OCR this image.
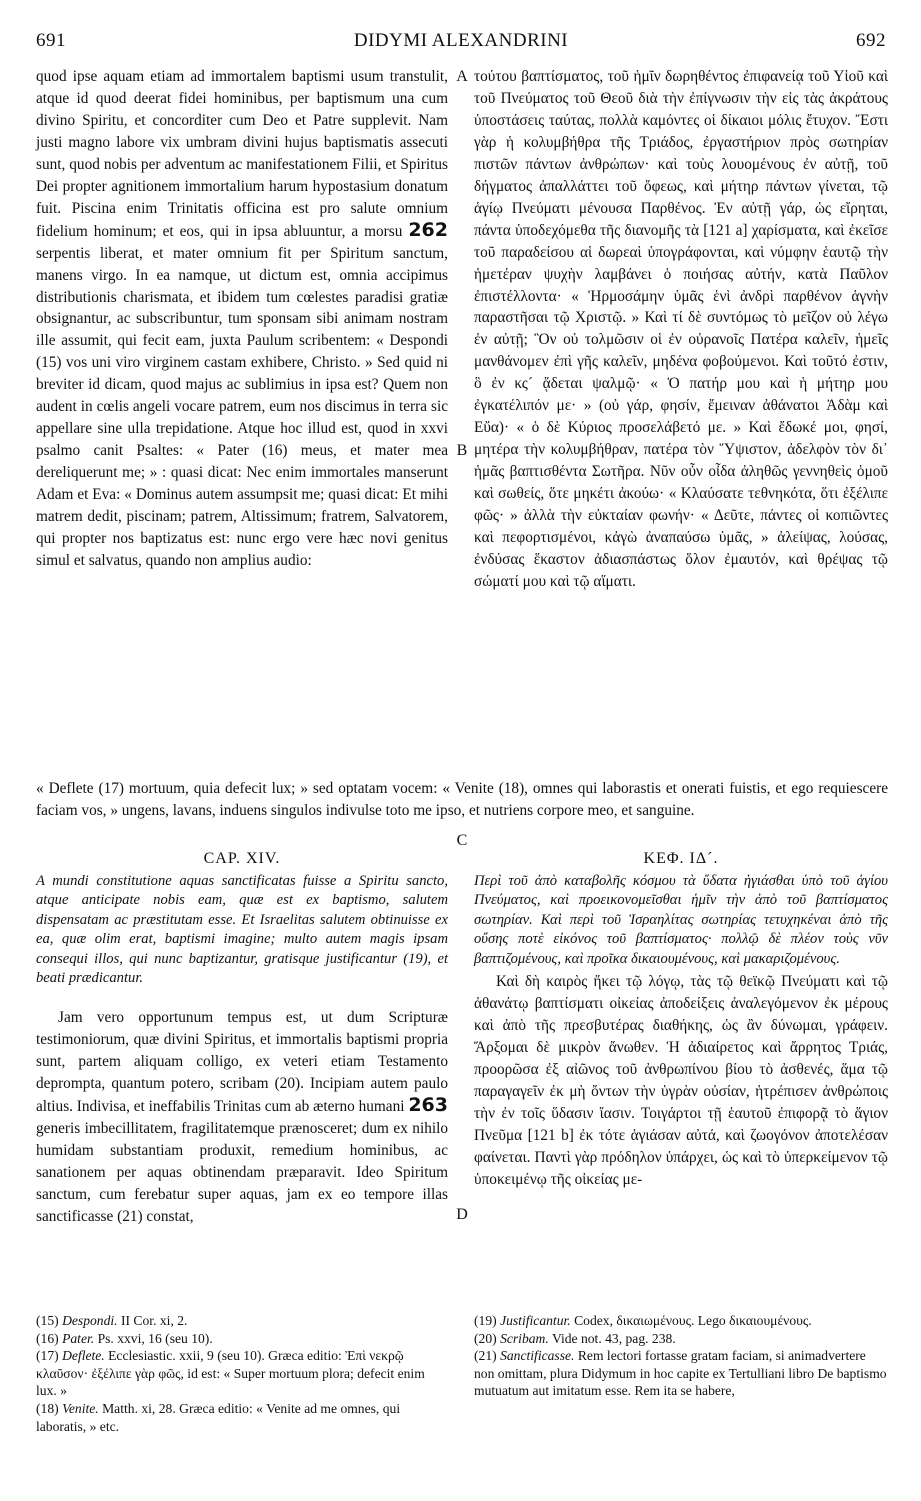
691	DIDYMI ALEXANDRINI	692
A
B
C
D

quod ipse aquam etiam ad immortalem baptismi usum transtulit, atque id quod deerat fidei hominibus, per baptismum una cum divino Spiritu, et concorditer cum Deo et Patre supplevit. Nam justi magno labore vix umbram divini hujus baptismatis assecuti sunt, quod nobis per adventum ac manifestationem Filii, et Spiritus Dei propter agnitionem immortalium harum hypostasium donatum fuit. Piscina enim Trinitatis officina est pro salute omnium fidelium hominum; et eos, qui in ipsa abluuntur, a morsu 262 serpentis liberat, et mater omnium fit per Spiritum sanctum, manens virgo. In ea namque, ut dictum est, omnia accipimus distributionis charismata, et ibidem tum cœlestes paradisi gratiæ obsignantur, ac subscribuntur, tum sponsam sibi animam nostram ille assumit, qui fecit eam, juxta Paulum scribentem: « Despondi (15) vos uni viro virginem castam exhibere, Christo. » Sed quid ni breviter id dicam, quod majus ac sublimius in ipsa est? Quem non audent in cœlis angeli vocare patrem, eum nos discimus in terra sic appellare sine ulla trepidatione. Atque hoc illud est, quod in xxvi psalmo canit Psaltes: « Pater (16) meus, et mater mea dereliquerunt me; » : quasi dicat: Nec enim immortales manserunt Adam et Eva: « Dominus autem assumpsit me; quasi dicat: Et mihi matrem dedit, piscinam; patrem, Altissimum; fratrem, Salvatorem, qui propter nos baptizatus est: nunc ergo vere hæc novi genitus simul et salvatus, quando non amplius audio:

τούτου βαπτίσματος, τοῦ ἡμῖν δωρηθέντος ἐπιφανείᾳ τοῦ Υἱοῦ καὶ τοῦ Πνεύματος τοῦ Θεοῦ διὰ τὴν ἐπίγνωσιν τὴν εἰς τὰς ἀκράτους ὑποστάσεις ταύτας, πολλὰ καμόντες οἱ δίκαιοι μόλις ἔτυχον. Ἔστι γὰρ ἡ κολυμβήθρα τῆς Τριάδος, ἐργαστήριον πρὸς σωτηρίαν πιστῶν πάντων ἀνθρώπων· καὶ τοὺς λουομένους ἐν αὐτῇ, τοῦ δήγματος ἀπαλλάττει τοῦ ὄφεως, καὶ μήτηρ πάντων γίνεται, τῷ ἁγίῳ Πνεύματι μένουσα Παρθένος. Ἐν αὐτῇ γάρ, ὡς εἴρηται, πάντα ὑποδεχόμεθα τῆς διανομῆς τὰ [121 a] χαρίσματα, καὶ ἐκεῖσε τοῦ παραδείσου αἱ δωρεαὶ ὑπογράφονται, καὶ νύμφην ἑαυτῷ τὴν ἡμετέραν ψυχὴν λαμβάνει ὁ ποιήσας αὐτήν, κατὰ Παῦλον ἐπιστέλλοντα· « Ἡρμοσάμην ὑμᾶς ἑνὶ ἀνδρὶ παρθένον ἁγνὴν παραστῆσαι τῷ Χριστῷ. » Καὶ τί δὲ συντόμως τὸ μεῖζον οὐ λέγω ἐν αὐτῇ; Ὃν οὐ τολμῶσιν οἱ ἐν οὐρανοῖς Πατέρα καλεῖν, ἡμεῖς μανθάνομεν ἐπὶ γῆς καλεῖν, μηδένα φοβούμενοι. Καὶ τοῦτό ἐστιν, ὃ ἐν κς´ ᾄδεται ψαλμῷ· « Ὁ πατήρ μου καὶ ἡ μήτηρ μου ἐγκατέλιπόν με· » (οὐ γάρ, φησίν, ἔμειναν ἀθάνατοι Ἀδὰμ καὶ Εὔα)· « ὁ δὲ Κύριος προσελάβετό με. » Καὶ ἔδωκέ μοι, φησί, μητέρα τὴν κολυμβήθραν, πατέρα τὸν Ὕψιστον, ἀδελφὸν τὸν δι᾽ ἡμᾶς βαπτισθέντα Σωτῆρα. Νῦν οὖν οἶδα ἀληθῶς γεννηθεὶς ὁμοῦ καὶ σωθείς, ὅτε μηκέτι ἀκούω· « Κλαύσατε τεθνηκότα, ὅτι ἐξέλιπε φῶς· » ἀλλὰ τὴν εὐκταίαν φωνήν· « Δεῦτε, πάντες οἱ κοπιῶντες καὶ πεφορτισμένοι, κἀγὼ ἀναπαύσω ὑμᾶς, » ἀλείψας, λούσας, ἐνδύσας ἕκαστον ἀδιασπάστως ὅλον ἐμαυτόν, καὶ θρέψας τῷ σώματί μου καὶ τῷ αἵματι.

« Deflete (17) mortuum, quia defecit lux; » sed optatam vocem: « Venite (18), omnes qui laborastis et onerati fuistis, et ego requiescere faciam vos, » ungens, lavans, induens singulos indivulse toto me ipso, et nutriens corpore meo, et sanguine.

CAP. XIV.

A mundi constitutione aquas sanctificatas fuisse a Spiritu sancto, atque anticipate nobis eam, quæ est ex baptismo, salutem dispensatam ac præstitutam esse. Et Israelitas salutem obtinuisse ex ea, quæ olim erat, baptismi imagine; multo autem magis ipsam consequi illos, qui nunc baptizantur, gratisque justificantur (19), et beati prædicantur.

Jam vero opportunum tempus est, ut dum Scripturæ testimoniorum, quæ divini Spiritus, et immortalis baptismi propria sunt, partem aliquam colligo, ex veteri etiam Testamento deprompta, quantum potero, scribam (20). Incipiam autem paulo altius. Indivisa, et ineffabilis Trinitas cum ab æterno humani 263 generis imbecillitatem, fragilitatemque prænosceret; dum ex nihilo humidam substantiam produxit, remedium hominibus, ac sanationem per aquas obtinendam præparavit. Ideo Spiritum sanctum, cum ferebatur super aquas, jam ex eo tempore illas sanctificasse (21) constat,

ΚΕΦ. ΙΔ´.

Περὶ τοῦ ἀπὸ καταβολῆς κόσμου τὰ ὕδατα ἡγιάσθαι ὑπὸ τοῦ ἁγίου Πνεύματος, καὶ προεικονομεῖσθαι ἡμῖν τὴν ἀπὸ τοῦ βαπτίσματος σωτηρίαν. Καὶ περὶ τοῦ Ἰσραηλίτας σωτηρίας τετυχηκέναι ἀπὸ τῆς οὔσης ποτὲ εἰκόνος τοῦ βαπτίσματος· πολλῷ δὲ πλέον τοὺς νῦν βαπτιζομένους, καὶ προῖκα δικαιουμένους, καὶ μακαριζομένους.

Καὶ δὴ καιρὸς ἥκει τῷ λόγῳ, τὰς τῷ θεϊκῷ Πνεύματι καὶ τῷ ἀθανάτῳ βαπτίσματι οἰκείας ἀποδείξεις ἀναλεγόμενον ἐκ μέρους καὶ ἀπὸ τῆς πρεσβυτέρας διαθήκης, ὡς ἂν δύνωμαι, γράφειν. Ἄρξομαι δὲ μικρὸν ἄνωθεν. Ἡ ἀδιαίρετος καὶ ἄρρητος Τριάς, προορῶσα ἐξ αἰῶνος τοῦ ἀνθρωπίνου βίου τὸ ἀσθενές, ἅμα τῷ παραγαγεῖν ἐκ μὴ ὄντων τὴν ὑγρὰν οὐσίαν, ἡτρέπισεν ἀνθρώποις τὴν ἐν τοῖς ὕδασιν ἴασιν. Τοιγάρτοι τῇ ἑαυτοῦ ἐπιφορᾷ τὸ ἅγιον Πνεῦμα [121 b] ἐκ τότε ἁγιάσαν αὐτά, καὶ ζωογόνον ἀποτελέσαν φαίνεται. Παντὶ γὰρ πρόδηλον ὑπάρχει, ὡς καὶ τὸ ὑπερκείμενον τῷ ὑποκειμένῳ τῆς οἰκείας με-

(15) Despondi. II Cor. xi, 2.

(16) Pater. Ps. xxvi, 16 (seu 10).

(17) Deflete. Ecclesiastic. xxii, 9 (seu 10). Græca editio: Ἐπὶ νεκρῷ κλαῦσον· ἐξέλιπε γὰρ φῶς, id est: « Super mortuum plora; defecit enim lux. »

(18) Venite. Matth. xi, 28. Græca editio: « Venite ad me omnes, qui laboratis, » etc.

(19) Justificantur. Codex, δικαιωμένους. Lego δικαιουμένους.

(20) Scribam. Vide not. 43, pag. 238.

(21) Sanctificasse. Rem lectori fortasse gratam faciam, si animadvertere non omittam, plura Didymum in hoc capite ex Tertulliani libro De baptismo mutuatum aut imitatum esse. Rem ita se habere,
